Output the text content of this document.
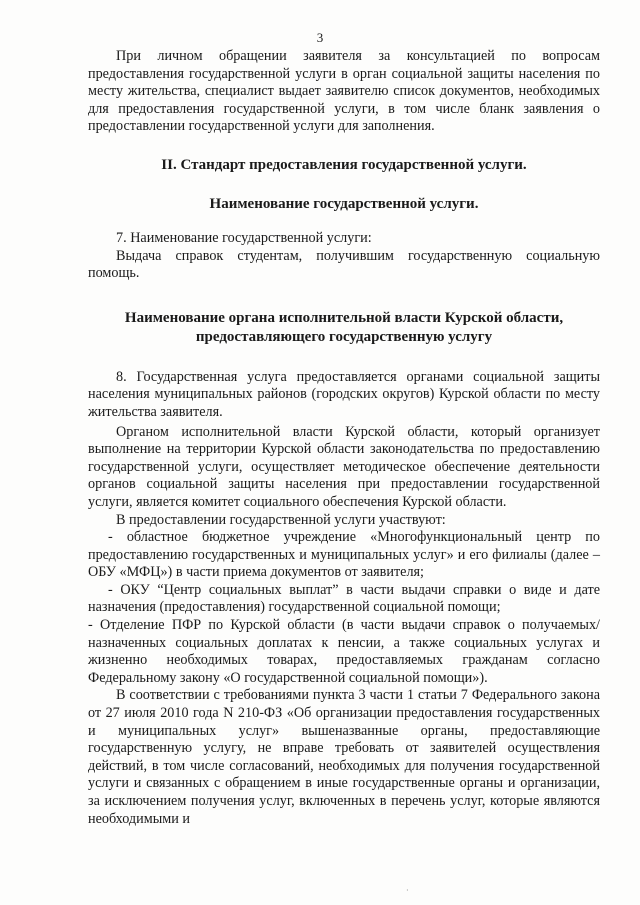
3

При личном обращении заявителя за консультацией по вопросам предоставления государственной услуги в орган социальной защиты населения по месту жительства, специалист выдает заявителю список документов, необходимых для предоставления государственной услуги, в том числе бланк заявления о предоставлении государственной услуги для заполнения.

II. Стандарт предоставления государственной услуги.
Наименование государственной услуги.

7. Наименование государственной услуги:

Выдача справок студентам, получившим государственную социальную помощь.

Наименование органа исполнительной власти Курской области,
предоставляющего государственную услугу

8. Государственная услуга предоставляется органами социальной защиты населения муниципальных районов (городских округов) Курской области по месту жительства заявителя.

Органом исполнительной власти Курской области, который организует выполнение на территории Курской области законодательства по предоставлению государственной услуги, осуществляет методическое обеспечение деятельности органов социальной защиты населения при предоставлении государственной услуги, является комитет социального обеспечения Курской области.

В предоставлении государственной услуги участвуют:

- областное бюджетное учреждение «Многофункциональный центр по предоставлению государственных и муниципальных услуг» и его филиалы (далее – ОБУ «МФЦ») в части приема документов от заявителя;

- ОКУ “Центр социальных выплат” в части выдачи справки о виде и дате назначения (предоставления) государственной социальной помощи;

- Отделение ПФР по Курской области (в части выдачи справок о получаемых/назначенных социальных доплатах к пенсии, а также социальных услугах и жизненно необходимых товарах, предоставляемых гражданам согласно Федеральному закону «О государственной социальной помощи»).

В соответствии с требованиями пункта 3 части 1 статьи 7 Федерального закона от 27 июля 2010 года N 210-ФЗ «Об организации предоставления государственных и муниципальных услуг» вышеназванные органы, предоставляющие государственную услугу, не вправе требовать от заявителей осуществления действий, в том числе согласований, необходимых для получения государственной услуги и связанных с обращением в иные государственные органы и организации, за исключением получения услуг, включенных в перечень услуг, которые являются необходимыми и

·
